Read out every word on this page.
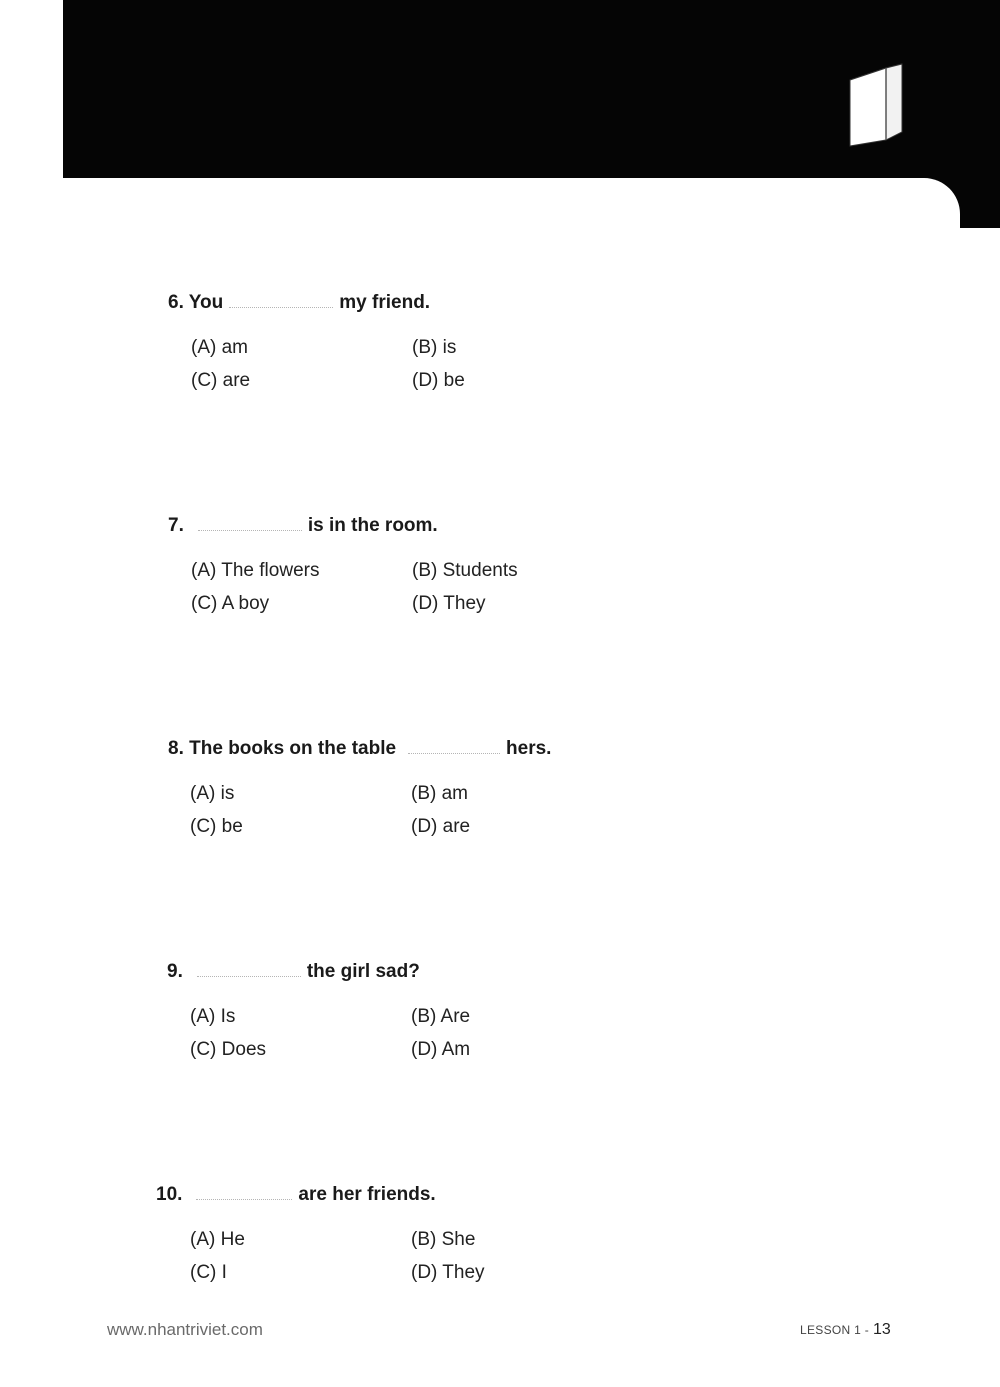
6. You	my friend.
(A) am	(B) is
(C) are	(D) be
7.	is in the room.
(A) The flowers	(B) Students
(C) A boy	(D) They
8. The books on the table	hers.
(A) is	(B) am
(C) be	(D) are
9.	the girl sad?
(A) Is	(B) Are
(C) Does	(D) Am
10.	are her friends.
(A) He	(B) She
(C) I	(D) They
www.nhantriviet.com	LESSON 1 - 13
